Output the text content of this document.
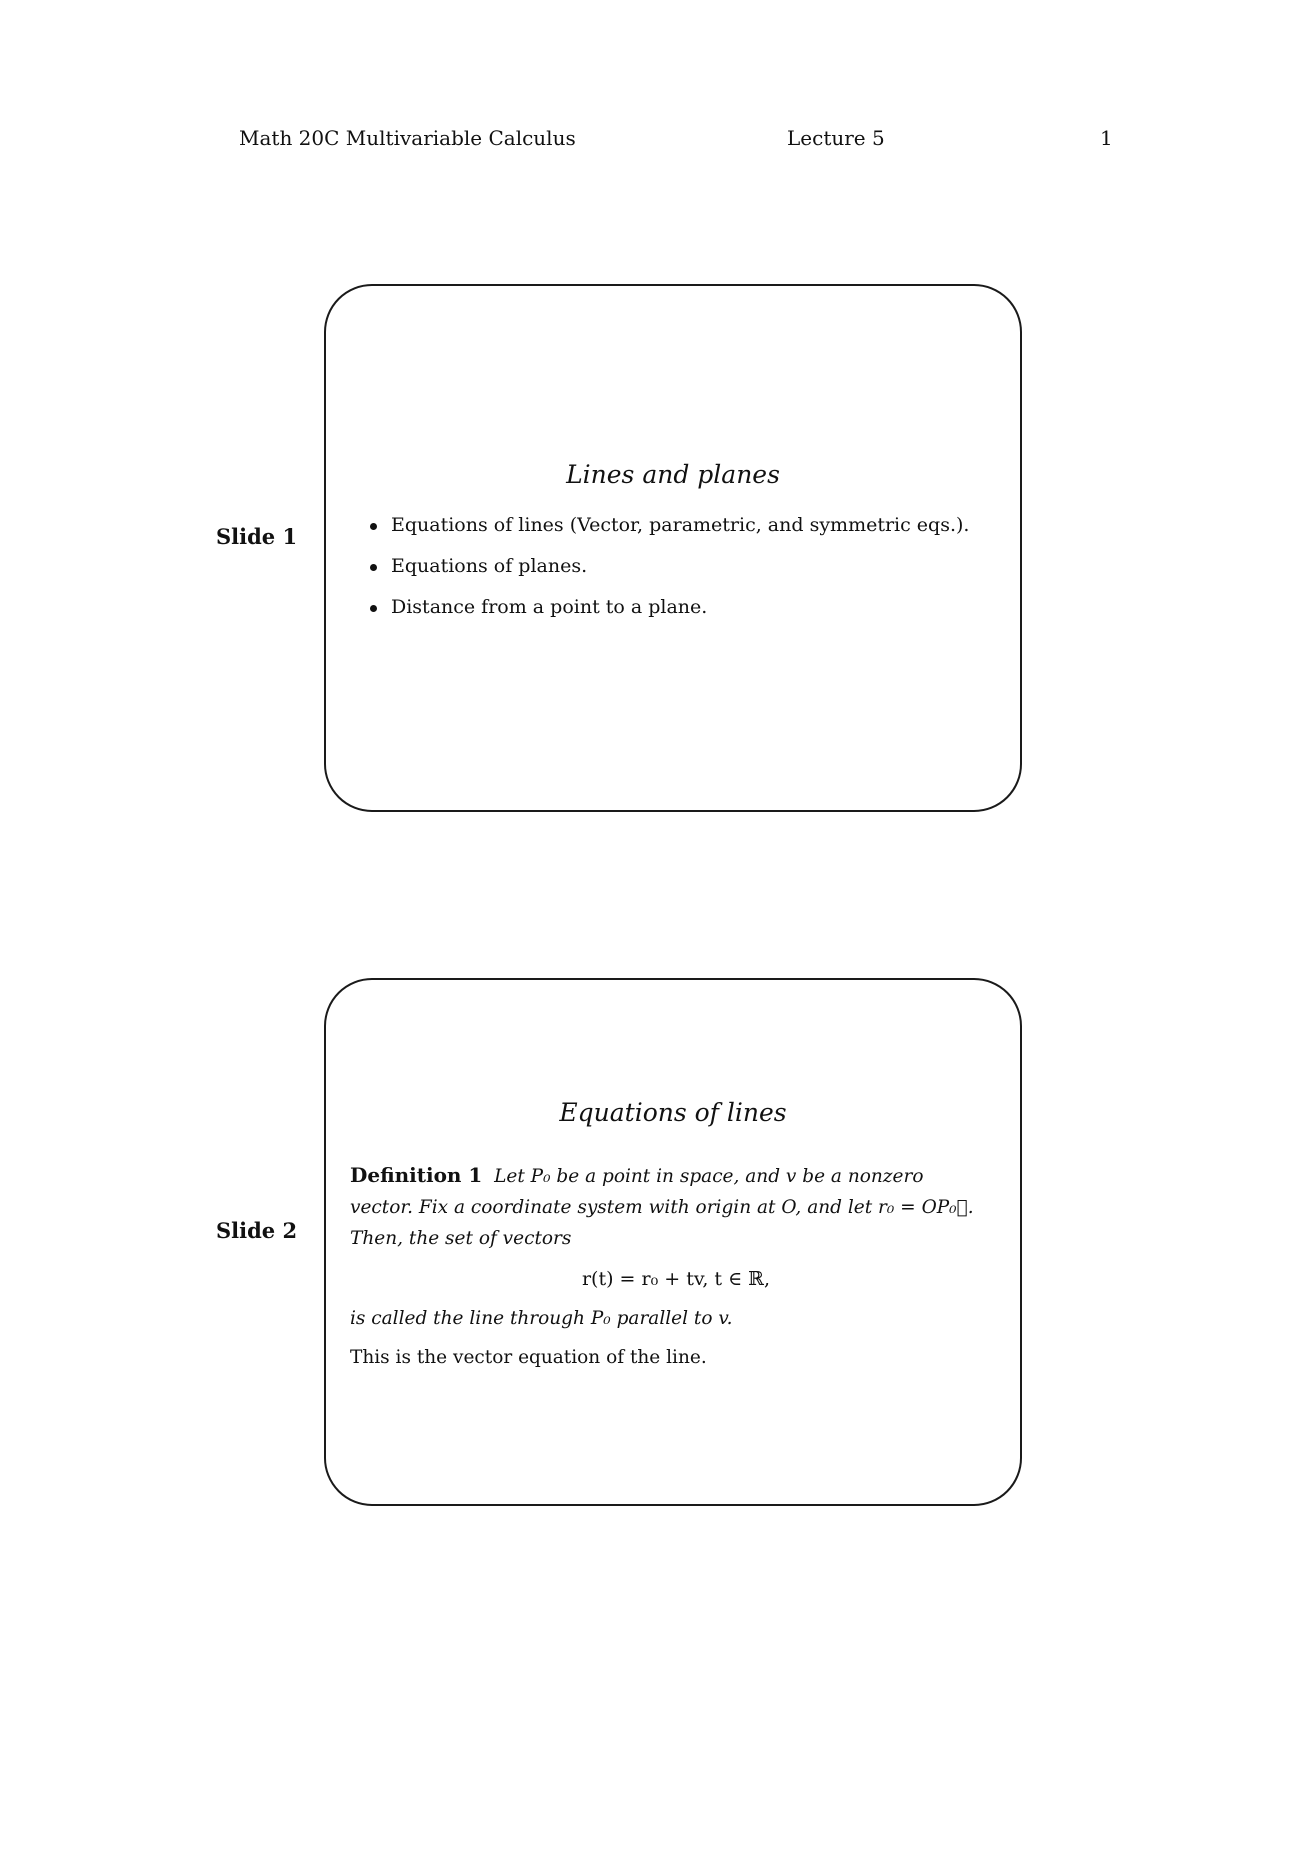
Math 20C Multivariable Calculus	Lecture 5	1
Slide 1
Lines and planes
Equations of lines (Vector, parametric, and symmetric eqs.).
Equations of planes.
Distance from a point to a plane.
Slide 2
Equations of lines
Definition 1 Let P₀ be a point in space, and v be a nonzero
vector. Fix a coordinate system with origin at O, and let r₀ = OP₀⃗.
Then, the set of vectors
r(t) = r₀ + tv, t ∈ ℝ,
is called the line through P₀ parallel to v.
This is the vector equation of the line.
